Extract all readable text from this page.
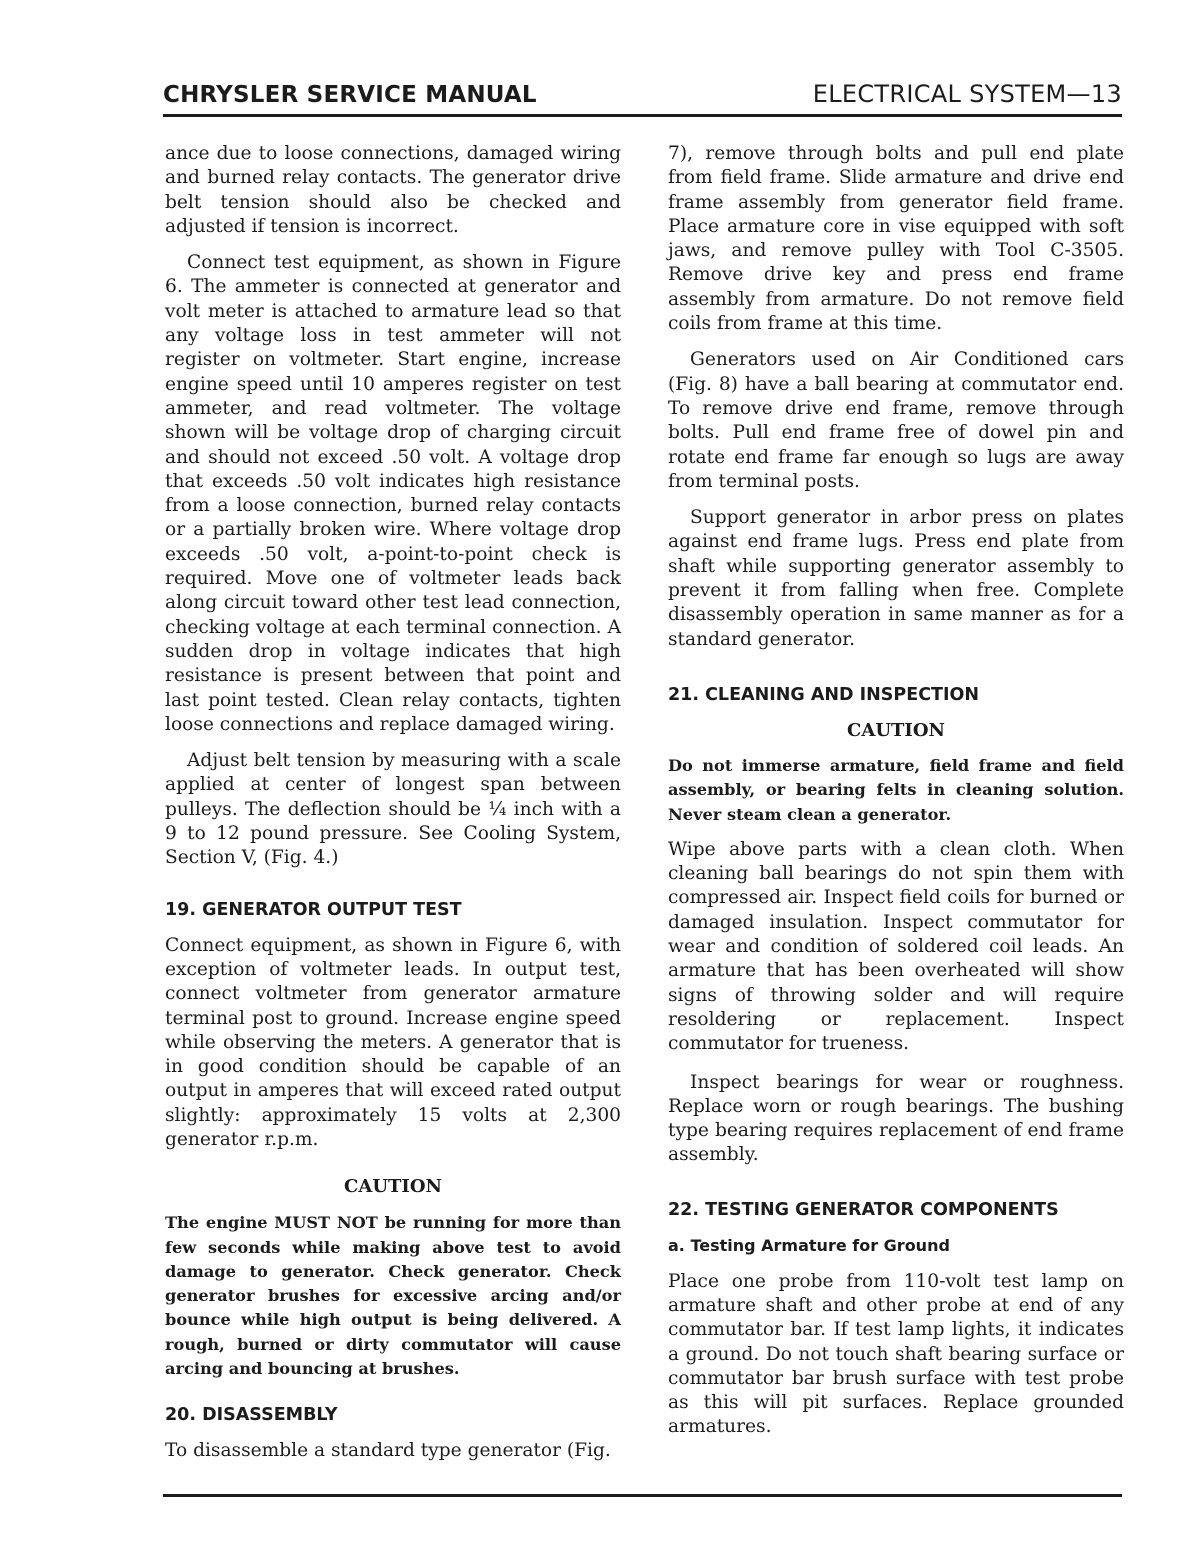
CHRYSLER SERVICE MANUAL	ELECTRICAL SYSTEM—13

ance due to loose connections, damaged wiring and burned relay contacts. The generator drive belt tension should also be checked and adjusted if tension is incorrect.

Connect test equipment, as shown in Figure 6. The ammeter is connected at generator and volt meter is attached to armature lead so that any voltage loss in test ammeter will not register on voltmeter. Start engine, increase engine speed until 10 amperes register on test ammeter, and read voltmeter. The voltage shown will be voltage drop of charging circuit and should not exceed .50 volt. A voltage drop that exceeds .50 volt indicates high resistance from a loose connection, burned relay contacts or a partially broken wire. Where voltage drop exceeds .50 volt, a-point-to-point check is required. Move one of voltmeter leads back along circuit toward other test lead connection, checking voltage at each terminal connection. A sudden drop in voltage indicates that high resistance is present between that point and last point tested. Clean relay contacts, tighten loose connections and replace damaged wiring.

Adjust belt tension by measuring with a scale applied at center of longest span between pulleys. The deflection should be ¼ inch with a 9 to 12 pound pressure. See Cooling System, Section V, (Fig. 4.)

19. GENERATOR OUTPUT TEST

Connect equipment, as shown in Figure 6, with exception of voltmeter leads. In output test, connect voltmeter from generator armature terminal post to ground. Increase engine speed while observing the meters. A generator that is in good condition should be capable of an output in amperes that will exceed rated output slightly: approximately 15 volts at 2,300 generator r.p.m.

CAUTION

The engine MUST NOT be running for more than few seconds while making above test to avoid damage to generator. Check generator. Check generator brushes for excessive arcing and/or bounce while high output is being delivered. A rough, burned or dirty commutator will cause arcing and bouncing at brushes.

20. DISASSEMBLY

To disassemble a standard type generator (Fig.

7), remove through bolts and pull end plate from field frame. Slide armature and drive end frame assembly from generator field frame. Place armature core in vise equipped with soft jaws, and remove pulley with Tool C-3505. Remove drive key and press end frame assembly from armature. Do not remove field coils from frame at this time.

Generators used on Air Conditioned cars (Fig. 8) have a ball bearing at commutator end. To remove drive end frame, remove through bolts. Pull end frame free of dowel pin and rotate end frame far enough so lugs are away from terminal posts.

Support generator in arbor press on plates against end frame lugs. Press end plate from shaft while supporting generator assembly to prevent it from falling when free. Complete disassembly operation in same manner as for a standard generator.

21. CLEANING AND INSPECTION
CAUTION

Do not immerse armature, field frame and field assembly, or bearing felts in cleaning solution. Never steam clean a generator.

Wipe above parts with a clean cloth. When cleaning ball bearings do not spin them with compressed air. Inspect field coils for burned or damaged insulation. Inspect commutator for wear and condition of soldered coil leads. An armature that has been overheated will show signs of throwing solder and will require resoldering or replacement. Inspect commutator for trueness.

Inspect bearings for wear or roughness. Replace worn or rough bearings. The bushing type bearing requires replacement of end frame assembly.

22. TESTING GENERATOR COMPONENTS
a. Testing Armature for Ground

Place one probe from 110-volt test lamp on armature shaft and other probe at end of any commutator bar. If test lamp lights, it indicates a ground. Do not touch shaft bearing surface or commutator bar brush surface with test probe as this will pit surfaces. Replace grounded armatures.
